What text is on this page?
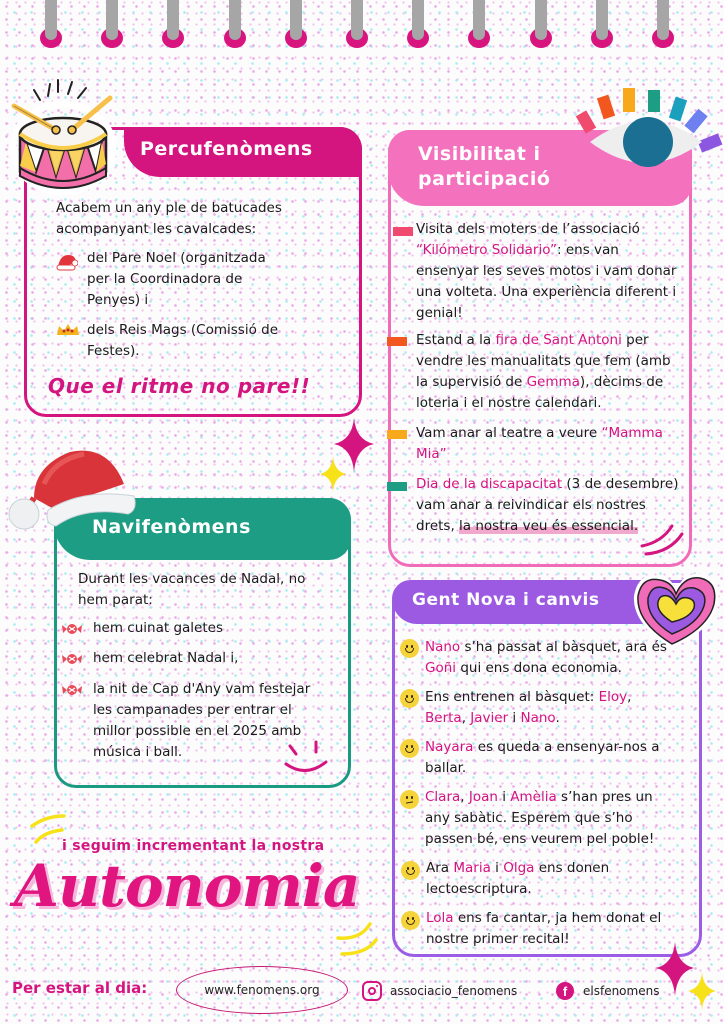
Percufenòmens
Acabem un any ple de batucades acompanyant les cavalcades:
del Pare Noel (organitzada per la Coordinadora de Penyes) i
dels Reis Mags (Comissió de Festes).
Que el ritme no pare!!
Visibilitat i
participació
Visita dels moters de l’associació “Kilómetro Solidario”: ens van ensenyar les seves motos i vam donar una volteta. Una experiència diferent i genial!
Estand a la fira de Sant Antoni per vendre les manualitats que fem (amb la supervisió de Gemma), dècims de loteria i el nostre calendari.
Vam anar al teatre a veure “Mamma Mia”
Dia de la discapacitat (3 de desembre) vam anar a reivindicar els nostres drets, la nostra veu és essencial.
Navifenòmens
Durant les vacances de Nadal, no hem parat:
hem cuinat galetes
hem celebrat Nadal i,
la nit de Cap d'Any vam festejar les campanades per entrar el millor possible en el 2025 amb música i ball.
Gent Nova i canvis
Nano s’ha passat al bàsquet, ara és Goñi qui ens dona economia.
Ens entrenen al bàsquet: Eloy, Berta, Javier i Nano.
Nayara es queda a ensenyar-nos a ballar.
Clara, Joan i Amèlia s’han pres un any sabàtic. Esperem que s’ho passen bé, ens veurem pel poble!
Ara Maria i Olga ens donen lectoescriptura.
Lola ens fa cantar, ja hem donat el nostre primer recital!
i seguim incrementant la nostra
Autonomia
Per estar al dia:	www.fenomens.org	associacio_fenomens	f	elsfenomens
